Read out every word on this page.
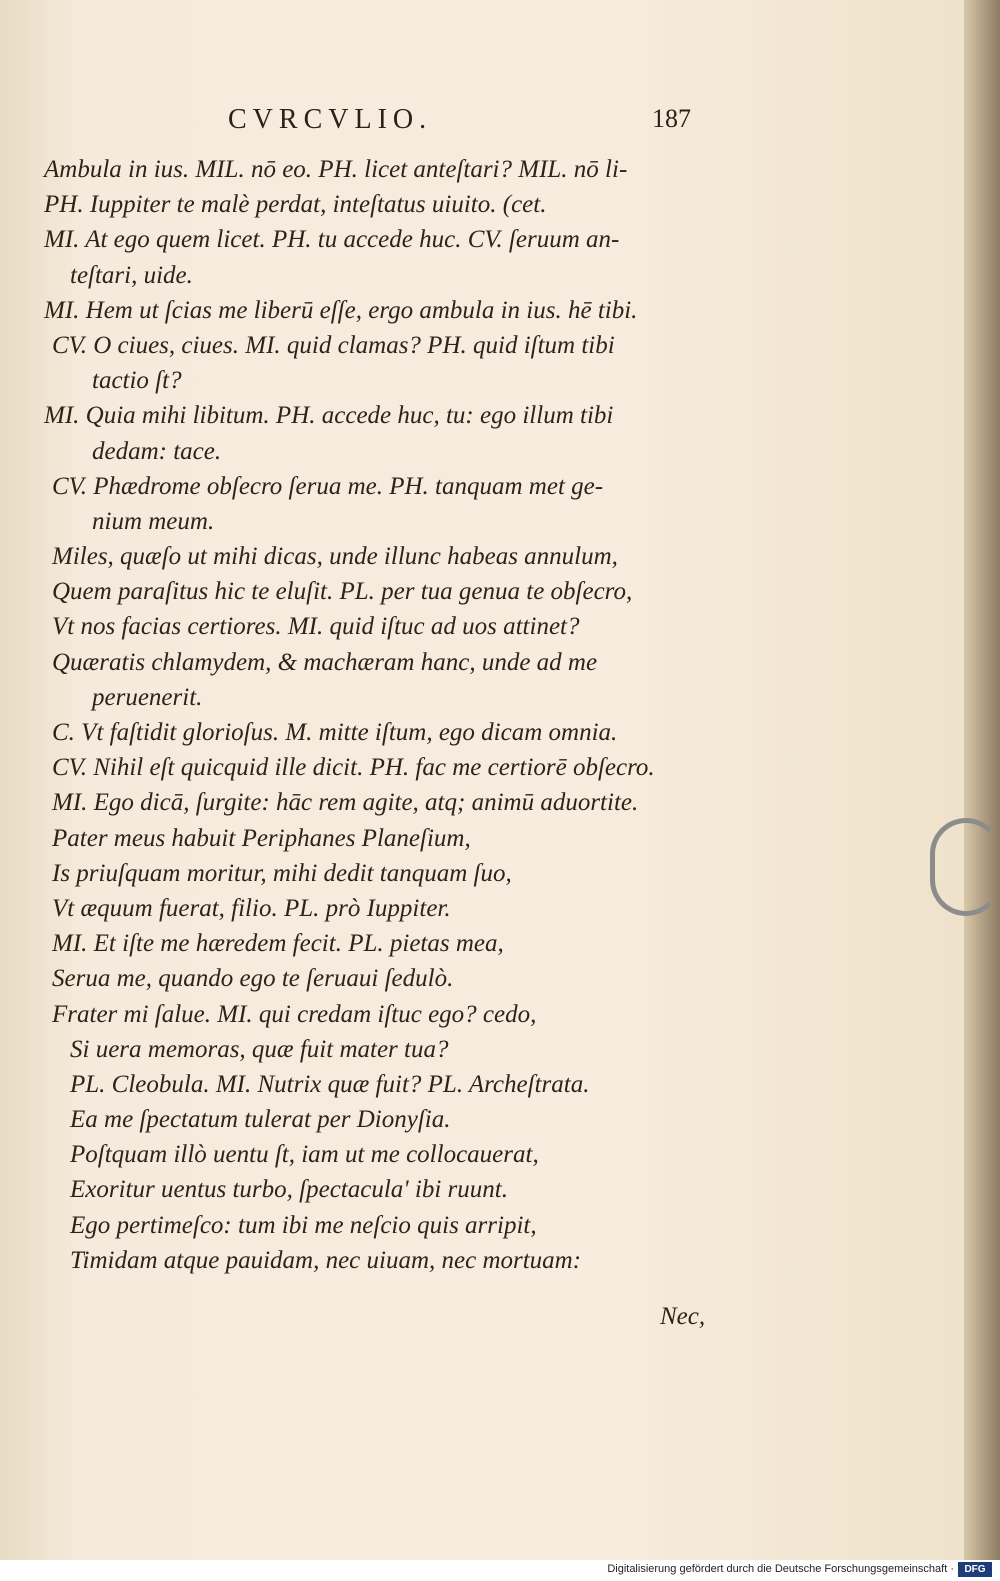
CVRCVLIO.	187
Ambula in ius. MIL. nō eo. PH. licet anteſtari? MIL. nō li-
PH. Iuppiter te malè perdat, inteſtatus uiuito. (cet.
MI. At ego quem licet. PH. tu accede huc. CV. ſeruum an-
teſtari, uide.
MI. Hem ut ſcias me liberū eſſe, ergo ambula in ius. hē tibi.
CV. O ciues, ciues. MI. quid clamas? PH. quid iſtum tibi
tactio ſt?
MI. Quia mihi libitum. PH. accede huc, tu: ego illum tibi
dedam: tace.
CV. Phædrome obſecro ſerua me. PH. tanquam met ge-
nium meum.
Miles, quæſo ut mihi dicas, unde illunc habeas annulum,
Quem paraſitus hic te eluſit. PL. per tua genua te obſecro,
Vt nos facias certiores. MI. quid iſtuc ad uos attinet?
Quæratis chlamydem, & machæram hanc, unde ad me
peruenerit.
C. Vt faſtidit glorioſus. M. mitte iſtum, ego dicam omnia.
CV. Nihil eſt quicquid ille dicit. PH. fac me certiorē obſecro.
MI. Ego dicā, ſurgite: hāc rem agite, atq; animū aduortite.
Pater meus habuit Periphanes Planeſium,
Is priuſquam moritur, mihi dedit tanquam ſuo,
Vt æquum fuerat, filio. PL. prò Iuppiter.
MI. Et iſte me hæredem fecit. PL. pietas mea,
Serua me, quando ego te ſeruaui ſedulò.
Frater mi ſalue. MI. qui credam iſtuc ego? cedo,
Si uera memoras, quæ fuit mater tua?
PL. Cleobula. MI. Nutrix quæ fuit? PL. Archeſtrata.
Ea me ſpectatum tulerat per Dionyſia.
Poſtquam illò uentu ſt, iam ut me collocauerat,
Exoritur uentus turbo, ſpectacula' ibi ruunt.
Ego pertimeſco: tum ibi me neſcio quis arripit,
Timidam atque pauidam, nec uiuam, nec mortuam:
Nec,
Digitalisierung gefördert durch die Deutsche Forschungsgemeinschaft ·	DFG
